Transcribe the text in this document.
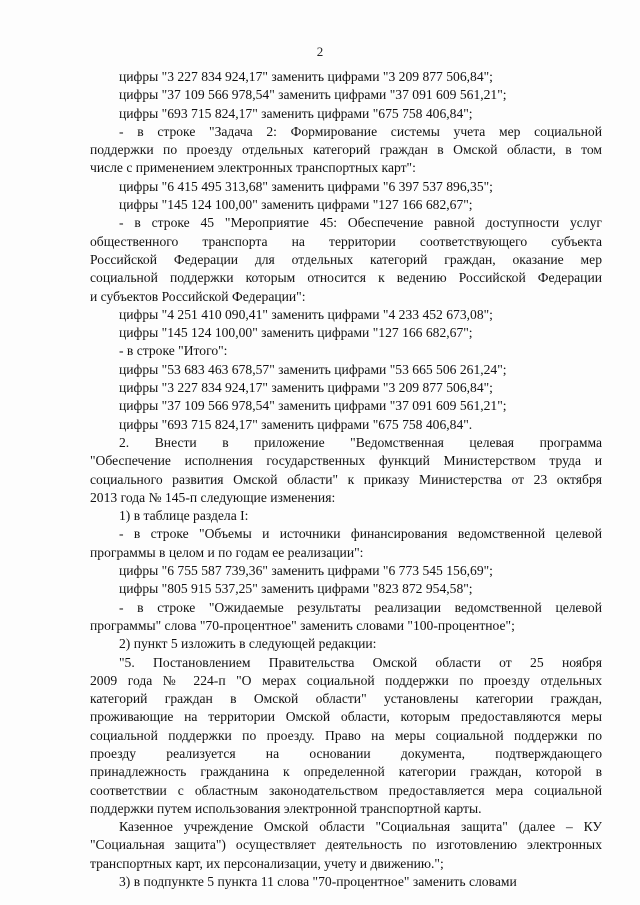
2
цифры "3 227 834 924,17" заменить цифрами "3 209 877 506,84";
цифры "37 109 566 978,54" заменить цифрами "37 091 609 561,21";
цифры "693 715 824,17" заменить цифрами "675 758 406,84";
- в строке "Задача 2: Формирование системы учета мер социальной
поддержки по проезду отдельных категорий граждан в Омской области, в том
числе с применением электронных транспортных карт":
цифры "6 415 495 313,68" заменить цифрами "6 397 537 896,35";
цифры "145 124 100,00" заменить цифрами "127 166 682,67";
- в строке 45 "Мероприятие 45: Обеспечение равной доступности услуг
общественного транспорта на территории соответствующего субъекта
Российской Федерации для отдельных категорий граждан, оказание мер
социальной поддержки которым относится к ведению Российской Федерации
и субъектов Российской Федерации":
цифры "4 251 410 090,41" заменить цифрами "4 233 452 673,08";
цифры "145 124 100,00" заменить цифрами "127 166 682,67";
- в строке "Итого":
цифры "53 683 463 678,57" заменить цифрами "53 665 506 261,24";
цифры "3 227 834 924,17" заменить цифрами "3 209 877 506,84";
цифры "37 109 566 978,54" заменить цифрами "37 091 609 561,21";
цифры "693 715 824,17" заменить цифрами "675 758 406,84".
2. Внести в приложение "Ведомственная целевая программа
"Обеспечение исполнения государственных функций Министерством труда и
социального развития Омской области" к приказу Министерства от 23 октября
2013 года № 145-п следующие изменения:
1) в таблице раздела I:
- в строке "Объемы и источники финансирования ведомственной целевой
программы в целом и по годам ее реализации":
цифры "6 755 587 739,36" заменить цифрами "6 773 545 156,69";
цифры "805 915 537,25" заменить цифрами "823 872 954,58";
- в строке "Ожидаемые результаты реализации ведомственной целевой
программы" слова "70-процентное" заменить словами "100-процентное";
2) пункт 5 изложить в следующей редакции:
"5. Постановлением Правительства Омской области от 25 ноября
2009 года № 224-п "О мерах социальной поддержки по проезду отдельных
категорий граждан в Омской области" установлены категории граждан,
проживающие на территории Омской области, которым предоставляются меры
социальной поддержки по проезду. Право на меры социальной поддержки по
проезду реализуется на основании документа, подтверждающего
принадлежность гражданина к определенной категории граждан, которой в
соответствии с областным законодательством предоставляется мера социальной
поддержки путем использования электронной транспортной карты.
Казенное учреждение Омской области "Социальная защита" (далее – КУ
"Социальная защита") осуществляет деятельность по изготовлению электронных
транспортных карт, их персонализации, учету и движению.";
3) в подпункте 5 пункта 11 слова "70-процентное" заменить словами
